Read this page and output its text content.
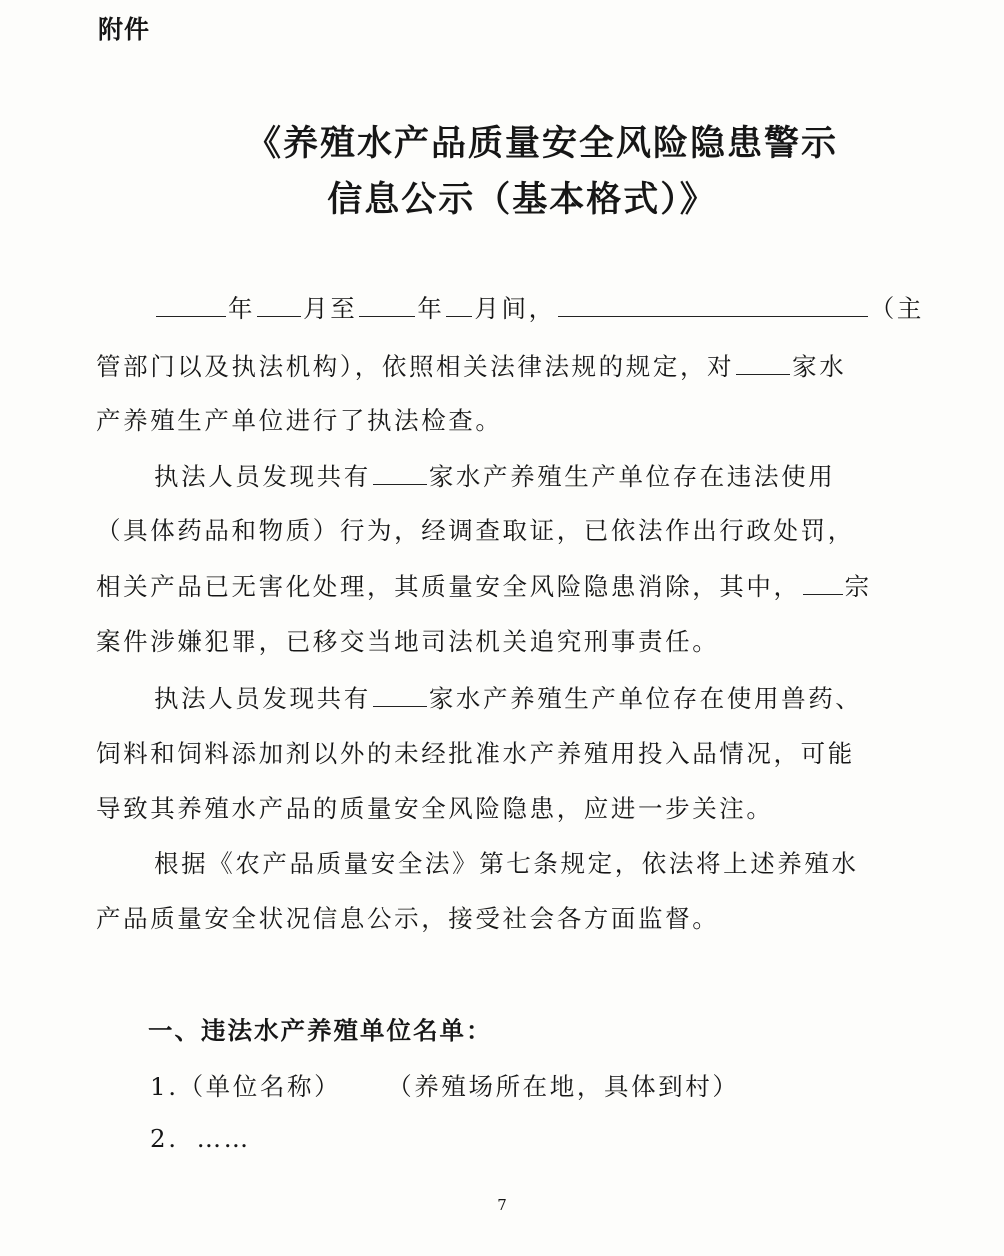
附件
《养殖水产品质量安全风险隐患警示
信息公示（基本格式）》
年 月至 年 月间，	（主
管部门以及执法机构），依照相关法律法规的规定，对 家水
产养殖生产单位进行了执法检查。
执法人员发现共有 家水产养殖生产单位存在违法使用
（具体药品和物质）行为，经调查取证，已依法作出行政处罚，
相关产品已无害化处理，其质量安全风险隐患消除，其中， 宗
案件涉嫌犯罪，已移交当地司法机关追究刑事责任。
执法人员发现共有 家水产养殖生产单位存在使用兽药、
饲料和饲料添加剂以外的未经批准水产养殖用投入品情况，可能
导致其养殖水产品的质量安全风险隐患，应进一步关注。
根据《农产品质量安全法》第七条规定，依法将上述养殖水
产品质量安全状况信息公示，接受社会各方面监督。
一、违法水产养殖单位名单：
1.（单位名称） （养殖场所在地，具体到村）
2. ……
7
